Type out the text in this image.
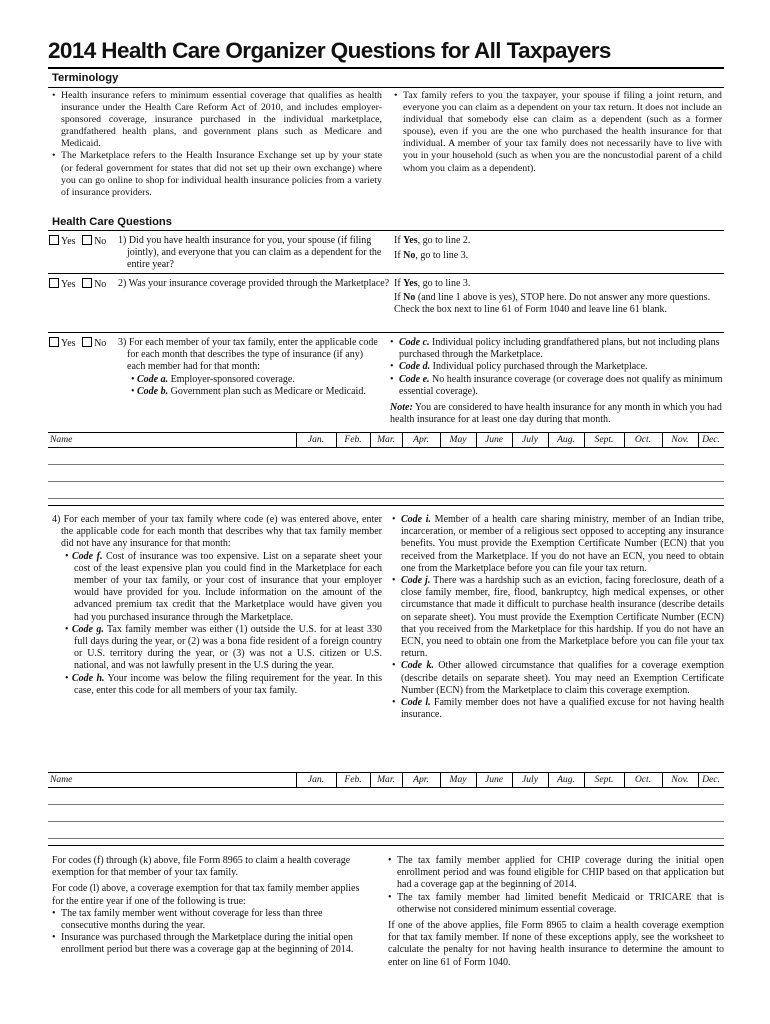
2014 Health Care Organizer Questions for All Taxpayers
Terminology

• Health insurance refers to minimum essential coverage that qualifies as health insurance under the Health Care Reform Act of 2010, and includes employer-sponsored coverage, insurance purchased in the individual marketplace, grandfathered health plans, and government plans such as Medicare and Medicaid.

• The Marketplace refers to the Health Insurance Exchange set up by your state (or federal government for states that did not set up their own exchange) where you can go online to shop for individual health insurance policies from a variety of insurance providers.

• Tax family refers to you the taxpayer, your spouse if filing a joint return, and everyone you can claim as a dependent on your tax return. It does not include an individual that somebody else can claim as a dependent (such as a former spouse), even if you are the one who purchased the health insurance for that individual. A member of your tax family does not necessarily have to live with you in your household (such as when you are the noncustodial parent of a child whom you claim as a dependent).

Health Care Questions
Yes No 1) Did you have health insurance for you, your spouse (if filing jointly), and everyone that you can claim as a dependent for the entire year?

If Yes, go to line 2.

If No, go to line 3.

Yes No 2) Was your insurance coverage provided through the Marketplace? If Yes, go to line 3.

If No (and line 1 above is yes), STOP here. Do not answer any more questions. Check the box next to line 61 of Form 1040 and leave line 61 blank.

Yes No 3) For each member of your tax family, enter the applicable code for each month that describes the type of insurance (if any) each member had for that month:

• Code a. Employer-sponsored coverage.

• Code b. Government plan such as Medicare or Medicaid.

• Code c. Individual policy including grandfathered plans, but not including plans purchased through the Marketplace.

• Code d. Individual policy purchased through the Marketplace.

• Code e. No health insurance coverage (or coverage does not qualify as minimum essential coverage).

Note: You are considered to have health insurance for any month in which you had health insurance for at least one day during that month.

Name	Jan.	Feb.	Mar.	Apr.	May	June	July	Aug.	Sept.	Oct.	Nov.	Dec.

4) For each member of your tax family where code (e) was entered above, enter the applicable code for each month that describes why that tax family member did not have any insurance for that month:

• Code f. Cost of insurance was too expensive. List on a separate sheet your cost of the least expensive plan you could find in the Marketplace for each member of your tax family, or your cost of insurance that your employer would have provided for you. Include information on the amount of the advanced premium tax credit that the Marketplace would have given you had you purchased insurance through the Marketplace.

• Code g. Tax family member was either (1) outside the U.S. for at least 330 full days during the year, or (2) was a bona fide resident of a foreign country or U.S. territory during the year, or (3) was not a U.S. citizen or U.S. national, and was not lawfully present in the U.S during the year.

• Code h. Your income was below the filing requirement for the year. In this case, enter this code for all members of your tax family.

• Code i. Member of a health care sharing ministry, member of an Indian tribe, incarceration, or member of a religious sect opposed to accepting any insurance benefits. You must provide the Exemption Certificate Number (ECN) that you received from the Marketplace. If you do not have an ECN, you need to obtain one from the Marketplace before you can file your tax return.

• Code j. There was a hardship such as an eviction, facing foreclosure, death of a close family member, fire, flood, bankruptcy, high medical expenses, or other circumstance that made it difficult to purchase health insurance (describe details on separate sheet). You must provide the Exemption Certificate Number (ECN) that you received from the Marketplace for this hardship. If you do not have an ECN, you need to obtain one from the Marketplace before you can file your tax return.

• Code k. Other allowed circumstance that qualifies for a coverage exemption (describe details on separate sheet). You may need an Exemption Certificate Number (ECN) from the Marketplace to claim this coverage exemption.

• Code l. Family member does not have a qualified excuse for not having health insurance.

Name	Jan.	Feb.	Mar.	Apr.	May	June	July	Aug.	Sept.	Oct.	Nov.	Dec.

For codes (f) through (k) above, file Form 8965 to claim a health coverage exemption for that member of your tax family.

For code (l) above, a coverage exemption for that tax family member applies for the entire year if one of the following is true:

• The tax family member went without coverage for less than three consecutive months during the year.

• Insurance was purchased through the Marketplace during the initial open enrollment period but there was a coverage gap at the beginning of 2014.

• The tax family member applied for CHIP coverage during the initial open enrollment period and was found eligible for CHIP based on that application but had a coverage gap at the beginning of 2014.

• The tax family member had limited benefit Medicaid or TRICARE that is otherwise not considered minimum essential coverage.

If one of the above applies, file Form 8965 to claim a health coverage exemption for that tax family member. If none of these exceptions apply, see the worksheet to calculate the penalty for not having health insurance to determine the amount to enter on line 61 of Form 1040.
